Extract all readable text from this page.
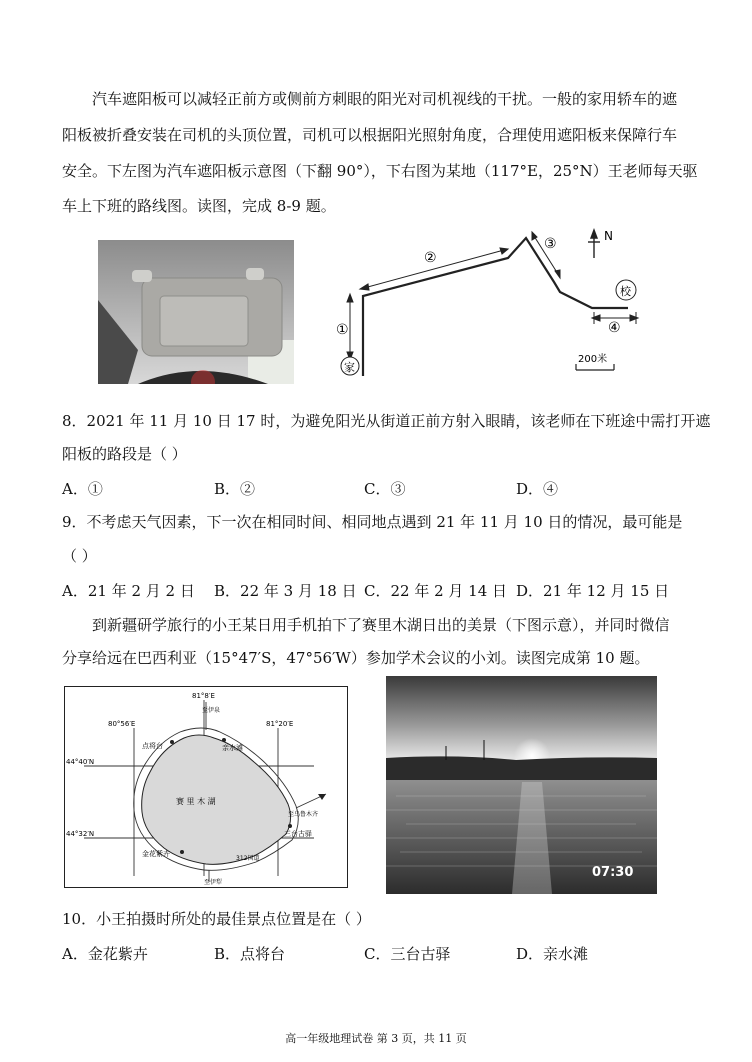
汽车遮阳板可以减轻正前方或侧前方刺眼的阳光对司机视线的干扰。一般的家用轿车的遮
阳板被折叠安装在司机的头顶位置，司机可以根据阳光照射角度，合理使用遮阳板来保障行车
安全。下左图为汽车遮阳板示意图（下翻 90°），下右图为某地（117°E，25°N）王老师每天驱
车上下班的路线图。读图，完成 8-9 题。
①
②
③
④
家
校
N
200米
8．2021 年 11 月 10 日 17 时，为避免阳光从街道正前方射入眼睛，该老师在下班途中需打开遮
阳板的路段是（ ）
A．①	B．②	C．③	D．④
9．不考虑天气因素，下一次在相同时间、相同地点遇到 21 年 11 月 10 日的情况，最可能是
（ ）
A．21 年 2 月 2 日 B．22 年 3 月 18 日 C．22 年 2 月 14 日 D．21 年 12 月 15 日
到新疆研学旅行的小王某日用手机拍下了赛里木湖日出的美景（下图示意），并同时微信
分享给远在巴西利亚（15°47′S，47°56′W）参加学术会议的小刘。读图完成第 10 题。
81°8′E
80°56′E	81°20′E
44°40′N
44°32′N
至伊泉
点将台	亲水滩
至乌鲁木齐
三台古驿
金花紫卉
312国道
至伊犁
赛 里 木 湖
07:30
10．小王拍摄时所处的最佳景点位置是在（ ）
A．金花紫卉	B．点将台	C．三台古驿	D．亲水滩
高一年级地理试卷 第 3 页，共 11 页
